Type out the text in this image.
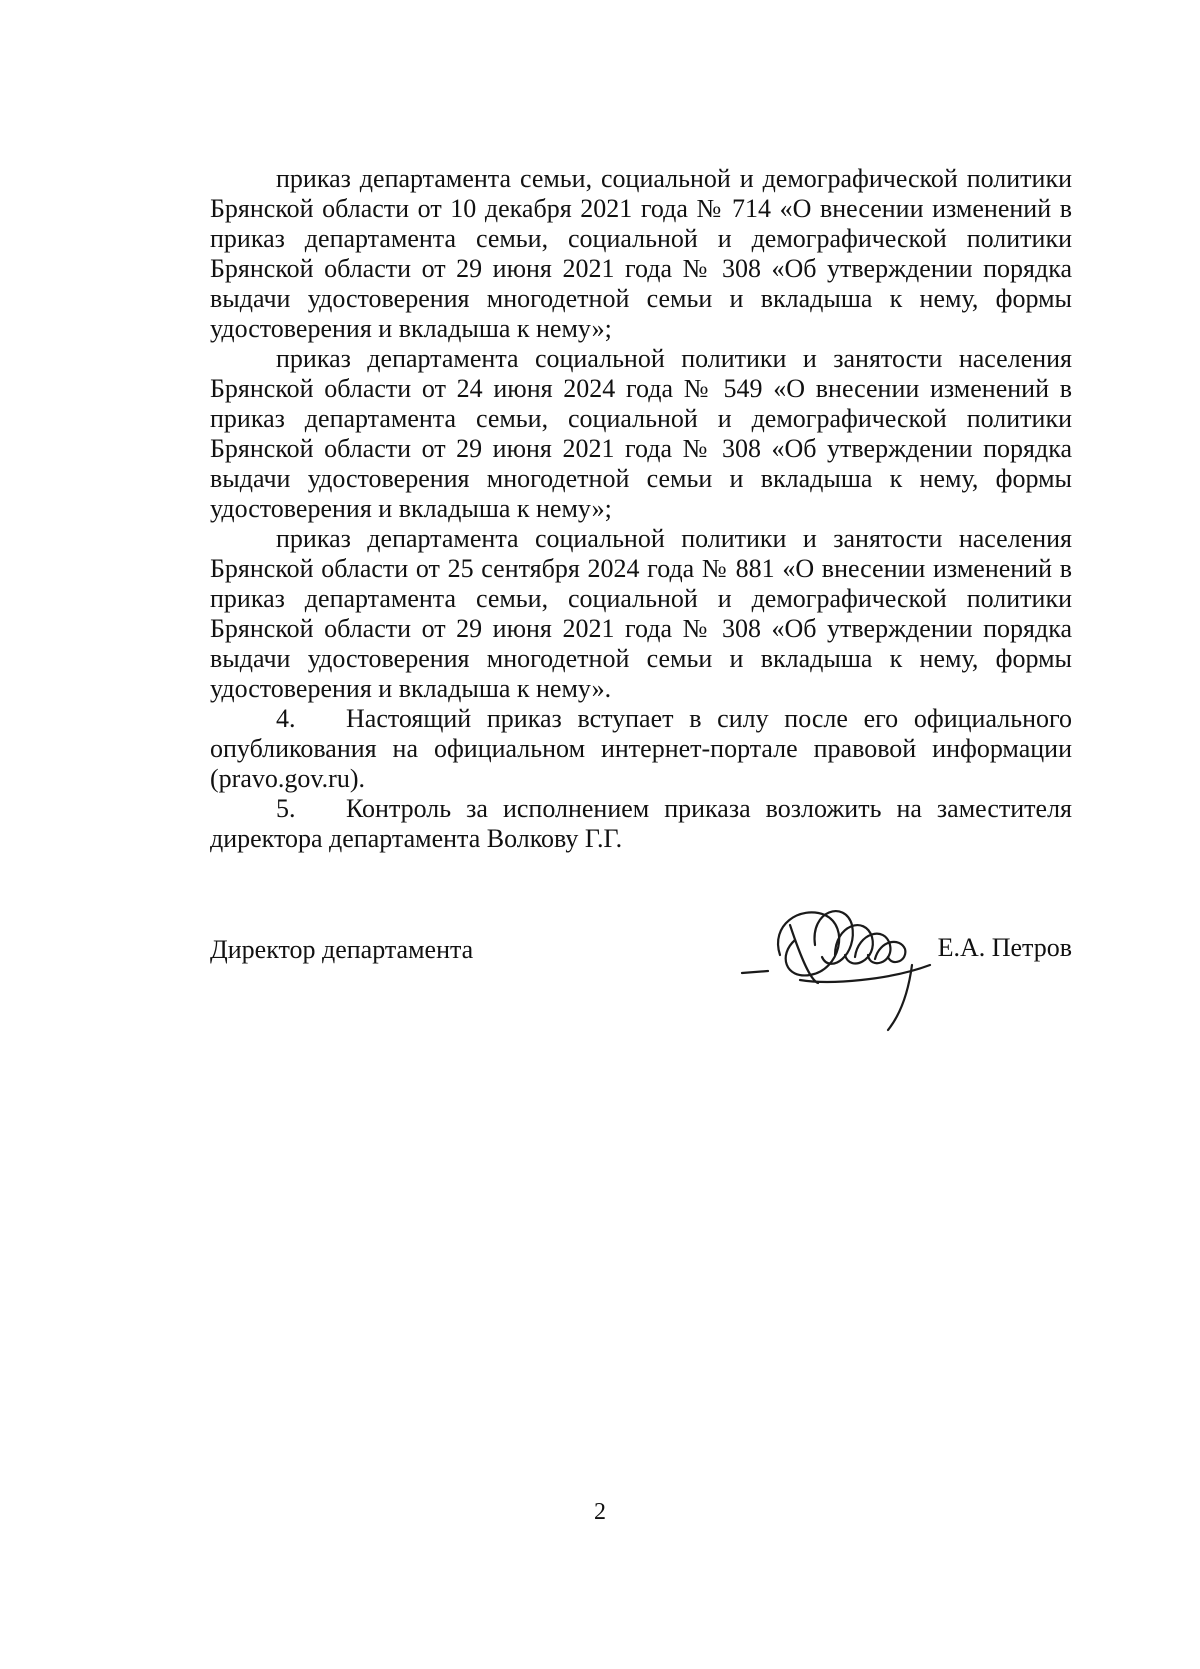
приказ департамента семьи, социальной и демографической политики Брянской области от 10 декабря 2021 года № 714 «О внесении изменений в приказ департамента семьи, социальной и демографической политики Брянской области от 29 июня 2021 года № 308 «Об утверждении порядка выдачи удостоверения многодетной семьи и вкладыша к нему, формы удостоверения и вкладыша к нему»;

приказ департамента социальной политики и занятости населения Брянской области от 24 июня 2024 года № 549 «О внесении изменений в приказ департамента семьи, социальной и демографической политики Брянской области от 29 июня 2021 года № 308 «Об утверждении порядка выдачи удостоверения многодетной семьи и вкладыша к нему, формы удостоверения и вкладыша к нему»;

приказ департамента социальной политики и занятости населения Брянской области от 25 сентября 2024 года № 881 «О внесении изменений в приказ департамента семьи, социальной и демографической политики Брянской области от 29 июня 2021 года № 308 «Об утверждении порядка выдачи удостоверения многодетной семьи и вкладыша к нему, формы удостоверения и вкладыша к нему».

4. Настоящий приказ вступает в силу после его официального опубликования на официальном интернет-портале правовой информации (pravo.gov.ru).

5. Контроль за исполнением приказа возложить на заместителя директора департамента Волкову Г.Г.

Директор департамента	Е.А. Петров
2
